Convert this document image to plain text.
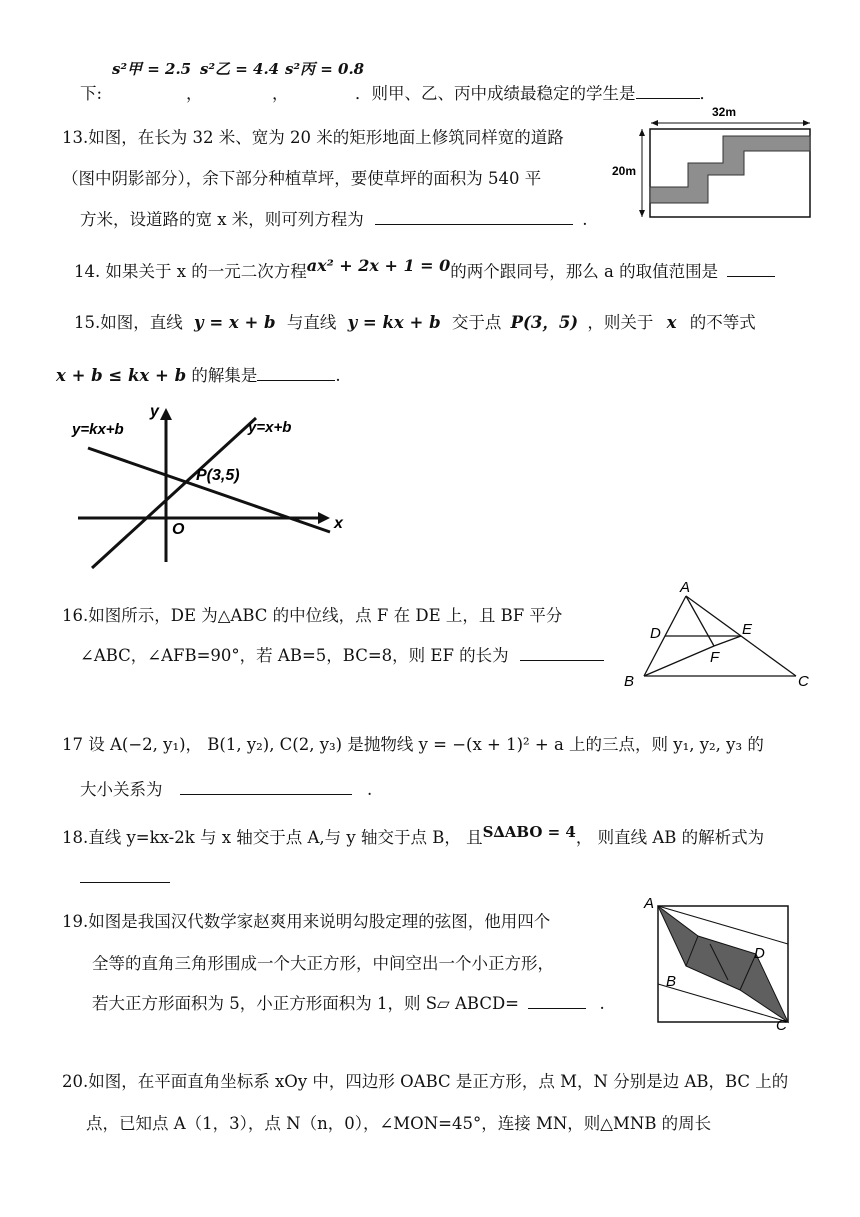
s²甲 = 2.5 s²乙 = 4.4 s²丙 = 0.8
下:	，	，	．则甲、乙、丙中成绩最稳定的学生是	．
13.如图，在长为 32 米、宽为 20 米的矩形地面上修筑同样宽的道路
（图中阴影部分），余下部分种植草坪，要使草坪的面积为 540 平
方米，设道路的宽 x 米，则可列方程为	.
32m
20m
14. 如果关于 x 的一元二次方程ax² + 2x + 1 = 0的两个跟同号，那么 a 的取值范围是
15.如图，直线 y = x + b 与直线 y = kx + b 交于点 P(3，5) ，则关于 x 的不等式
x + b ≤ kx + b 的解集是	.
y=kx+b	y=x+b
P(3,5)
O	x
y
16.如图所示，DE 为△ABC 的中位线，点 F 在 DE 上，且 BF 平分
∠ABC，∠AFB=90°，若 AB=5，BC=8，则 EF 的长为
A
B	C
D	E
F
17 设 A(−2, y₁)， B(1, y₂), C(2, y₃) 是抛物线 y = −(x + 1)² + a 上的三点，则 y₁, y₂, y₃ 的
大小关系为	.
18.直线 y=kx-2k 与 x 轴交于点 A,与 y 轴交于点 B， 且S∆ABO = 4， 则直线 AB 的解析式为
19.如图是我国汉代数学家赵爽用来说明勾股定理的弦图，他用四个
全等的直角三角形围成一个大正方形，中间空出一个小正方形，
若大正方形面积为 5，小正方形面积为 1，则 S▱ ABCD=	.
A
B
C
D
20.如图，在平面直角坐标系 xOy 中，四边形 OABC 是正方形，点 M，N 分别是边 AB，BC 上的
点，已知点 A（1，3），点 N（n，0），∠MON=45°，连接 MN，则△MNB 的周长
